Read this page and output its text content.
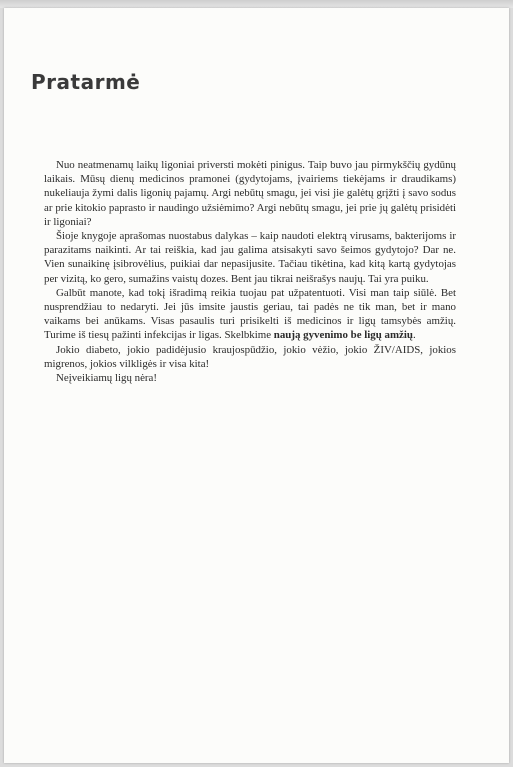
Pratarmė

Nuo neatmenamų laikų ligoniai priversti mokėti pinigus. Taip buvo jau pirmykščių gydūnų laikais. Mūsų dienų medicinos pramonei (gydytojams, įvairiems tiekėjams ir draudikams) nukeliauja žymi dalis ligonių pajamų. Argi nebūtų smagu, jei visi jie galėtų grįžti į savo sodus ar prie kitokio paprasto ir naudingo užsiėmimo? Argi nebūtų smagu, jei prie jų galėtų prisidėti ir ligoniai?

Šioje knygoje aprašomas nuostabus dalykas – kaip naudoti elektrą virusams, bakterijoms ir parazitams naikinti. Ar tai reiškia, kad jau galima atsisakyti savo šeimos gydytojo? Dar ne. Vien sunaikinę įsibrovėlius, puikiai dar nepasijusite. Tačiau tikėtina, kad kitą kartą gydytojas per vizitą, ko gero, sumažins vaistų dozes. Bent jau tikrai neišrašys naujų. Tai yra puiku.

Galbūt manote, kad tokį išradimą reikia tuojau pat užpatentuoti. Visi man taip siūlė. Bet nusprendžiau to nedaryti. Jei jūs imsite jaustis geriau, tai padės ne tik man, bet ir mano vaikams bei anūkams. Visas pasaulis turi prisikelti iš medicinos ir ligų tamsybės amžių. Turime iš tiesų pažinti infekcijas ir ligas. Skelbkime naują gyvenimo be ligų amžių.

Jokio diabeto, jokio padidėjusio kraujospūdžio, jokio vėžio, jokio ŽIV/AIDS, jokios migrenos, jokios vilkligės ir visa kita!

Neįveikiamų ligų nėra!
